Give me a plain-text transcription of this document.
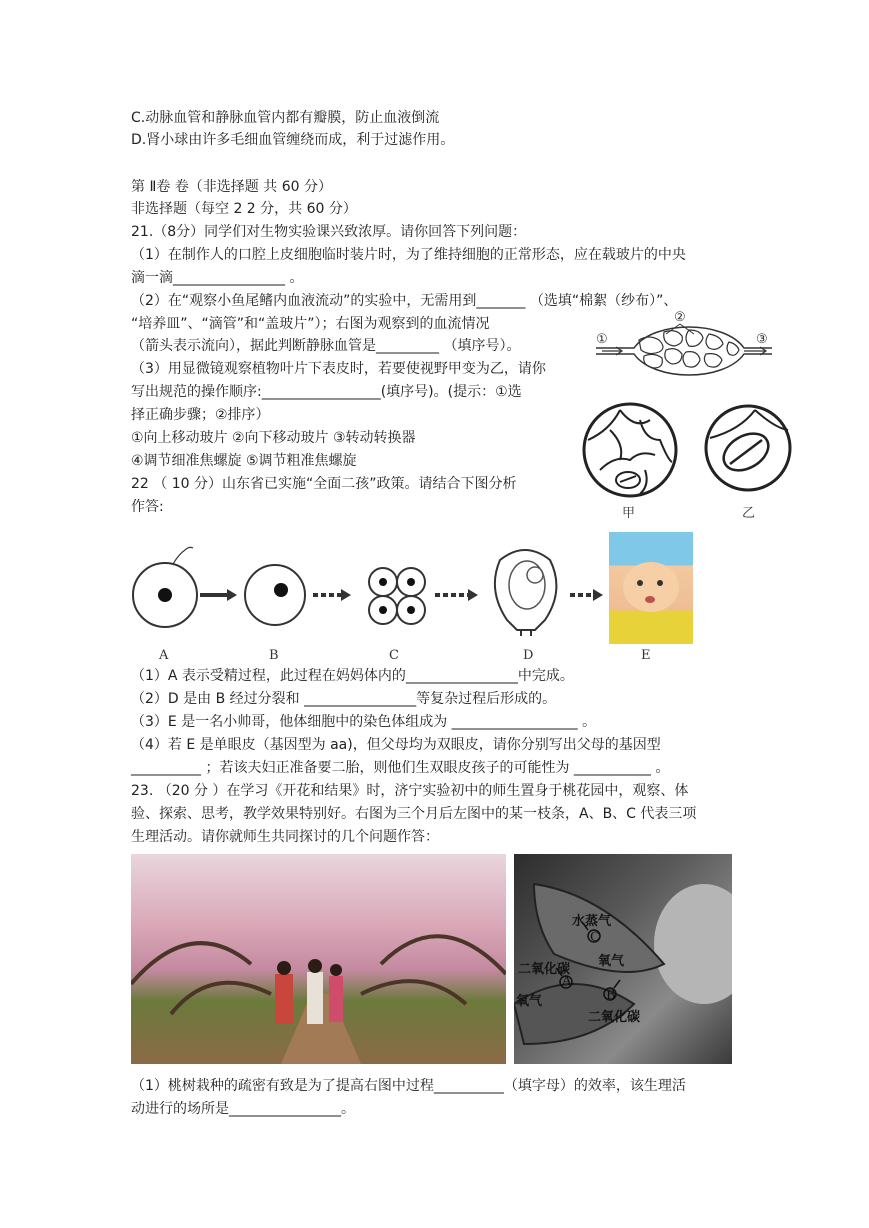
C.动脉血管和静脉血管内都有瓣膜，防止血液倒流
D.肾小球由许多毛细血管缠绕而成，利于过滤作用。
第 Ⅱ卷 卷（非选择题 共 60 分）
非选择题（每空 2 2 分，共 60 分）
21.（8分）同学们对生物实验课兴致浓厚。请你回答下列问题：
（1）在制作人的口腔上皮细胞临时装片时，为了维持细胞的正常形态，应在载玻片的中央
滴一滴________________ 。
（2）在“观察小鱼尾鳍内血液流动”的实验中，无需用到_______ （选填“棉絮（纱布）”、
“培养皿”、“滴管”和“盖玻片”）；右图为观察到的血流情况
（箭头表示流向），据此判断静脉血管是_________ （填序号）。
（3）用显微镜观察植物叶片下表皮时，若要使视野甲变为乙，请你
写出规范的操作顺序:_________________(填序号)。(提示：①选
择正确步骤；②排序）
①向上移动玻片 ②向下移动玻片 ③转动转换器
④调节细准焦螺旋 ⑤调节粗准焦螺旋
22 （ 10 分）山东省已实施“全面二孩”政策。请结合下图分析
作答:
（1）A 表示受精过程，此过程在妈妈体内的________________中完成。
（2）D 是由 B 经过分裂和 ________________等复杂过程后形成的。
（3）E 是一名小帅哥，他体细胞中的染色体组成为 __________________ 。
（4）若 E 是单眼皮（基因型为 aa)，但父母均为双眼皮，请你分别写出父母的基因型
__________ ；若该夫妇正准备要二胎，则他们生双眼皮孩子的可能性为 ___________ 。
23. （20 分 ）在学习《开花和结果》时，济宁实验初中的师生置身于桃花园中，观察、体
验、探索、思考，教学效果特别好。右图为三个月后左图中的某一枝条，A、B、C 代表三项
生理活动。请你就师生共同探讨的几个问题作答：
（1）桃树栽种的疏密有致是为了提高右图中过程__________（填字母）的效率，该生理活
动进行的场所是________________。
①
②
③
甲	乙
A	B	C	D	E
水蒸气
C
氧气
二氧化碳
B
A
氧气
二氧化碳
